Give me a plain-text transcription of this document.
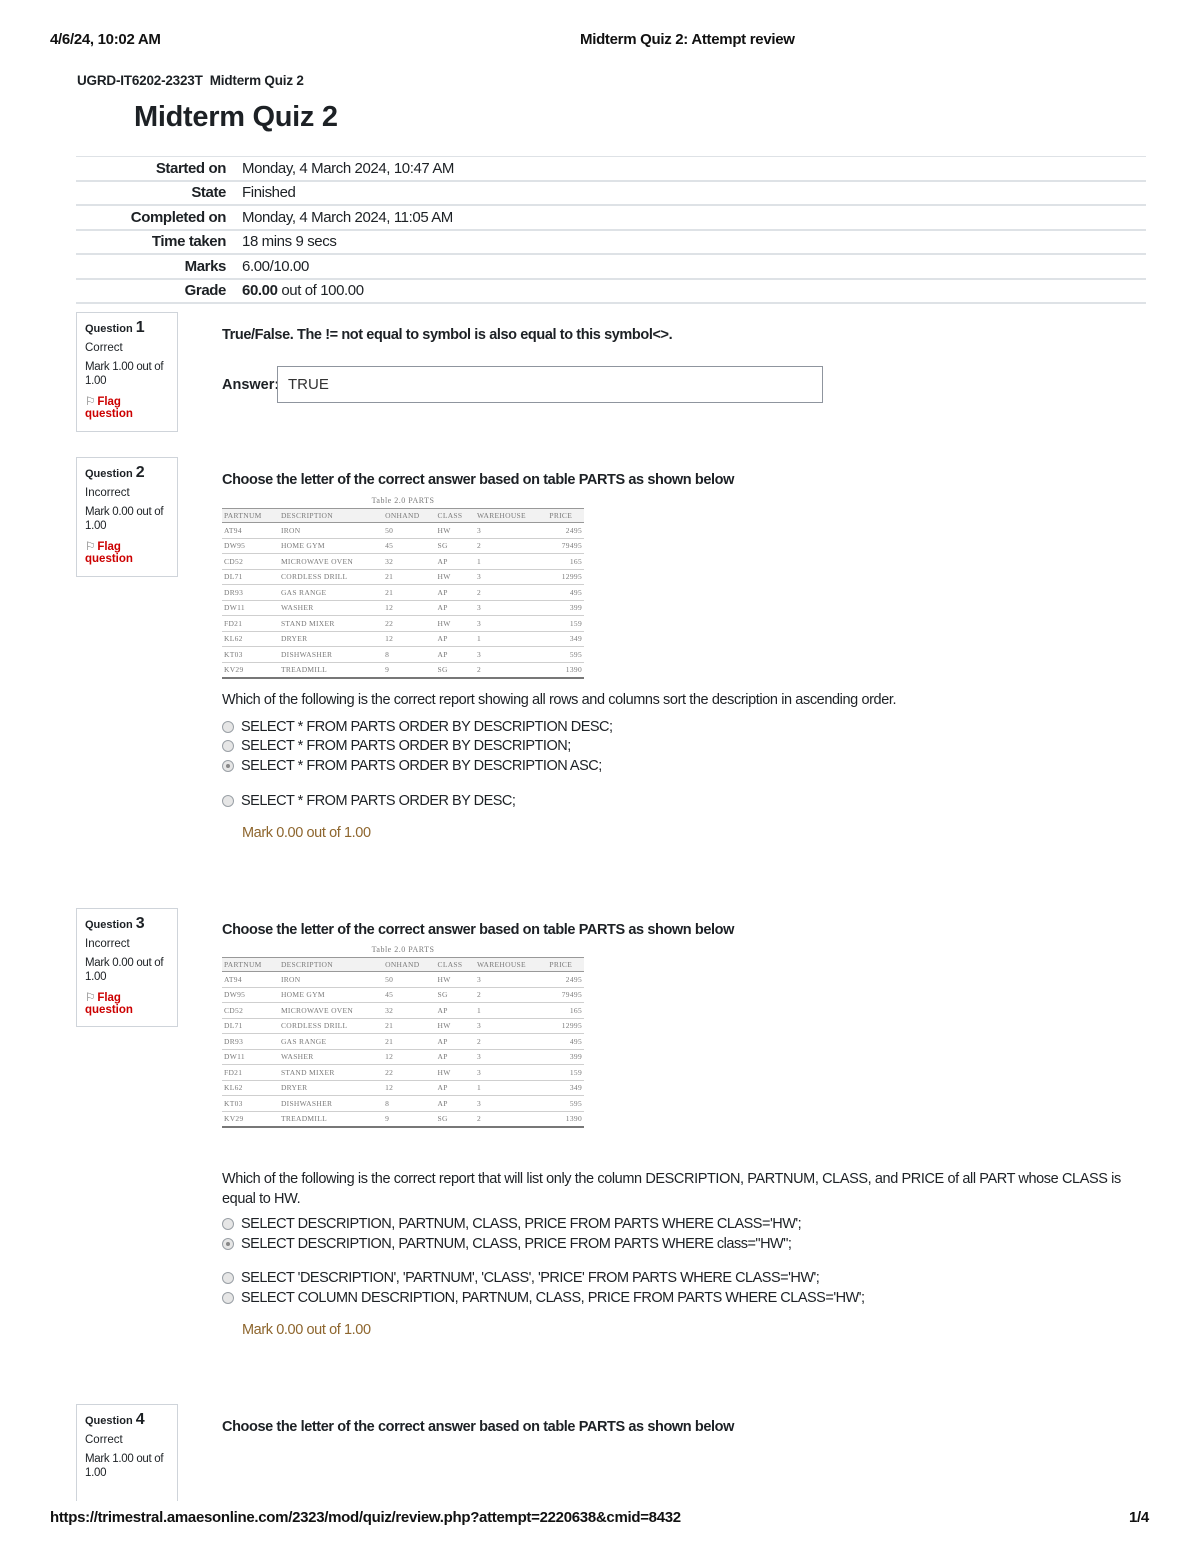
4/6/24, 10:02 AM	Midterm Quiz 2: Attempt review
UGRD-IT6202-2323T Midterm Quiz 2
Midterm Quiz 2
Started on	Monday, 4 March 2024, 10:47 AM
State	Finished
Completed on	Monday, 4 March 2024, 11:05 AM
Time taken	18 mins 9 secs
Marks	6.00/10.00
Grade	60.00 out of 100.00
Question 1
Correct
Mark 1.00 out of 1.00
⚐ Flag question
True/False. The != not equal to symbol is also equal to this symbol<>.
Answer: TRUE
Question 2
Incorrect
Mark 0.00 out of 1.00
⚐ Flag question
Choose the letter of the correct answer based on table PARTS as shown below
Table 2.0 PARTS
PARTNUM	DESCRIPTION	ONHAND	CLASS	WAREHOUSE	PRICE
AT94	IRON	50	HW	3	2495
DW95	HOME GYM	45	SG	2	79495
CD52	MICROWAVE OVEN	32	AP	1	165
DL71	CORDLESS DRILL	21	HW	3	12995
DR93	GAS RANGE	21	AP	2	495
DW11	WASHER	12	AP	3	399
FD21	STAND MIXER	22	HW	3	159
KL62	DRYER	12	AP	1	349
KT03	DISHWASHER	8	AP	3	595
KV29	TREADMILL	9	SG	2	1390
Which of the following is the correct report showing all rows and columns sort the description in ascending order.
SELECT * FROM PARTS ORDER BY DESCRIPTION DESC;
SELECT * FROM PARTS ORDER BY DESCRIPTION;
SELECT * FROM PARTS ORDER BY DESCRIPTION ASC;
SELECT * FROM PARTS ORDER BY DESC;
Mark 0.00 out of 1.00
Question 3
Incorrect
Mark 0.00 out of 1.00
⚐ Flag question
Choose the letter of the correct answer based on table PARTS as shown below
Table 2.0 PARTS
PARTNUM	DESCRIPTION	ONHAND	CLASS	WAREHOUSE	PRICE
AT94	IRON	50	HW	3	2495
DW95	HOME GYM	45	SG	2	79495
CD52	MICROWAVE OVEN	32	AP	1	165
DL71	CORDLESS DRILL	21	HW	3	12995
DR93	GAS RANGE	21	AP	2	495
DW11	WASHER	12	AP	3	399
FD21	STAND MIXER	22	HW	3	159
KL62	DRYER	12	AP	1	349
KT03	DISHWASHER	8	AP	3	595
KV29	TREADMILL	9	SG	2	1390
Which of the following is the correct report that will list only the column DESCRIPTION, PARTNUM, CLASS, and PRICE of all PART whose CLASS is equal to HW.
SELECT DESCRIPTION, PARTNUM, CLASS, PRICE FROM PARTS WHERE CLASS='HW';
SELECT DESCRIPTION, PARTNUM, CLASS, PRICE FROM PARTS WHERE class="HW";
SELECT 'DESCRIPTION', 'PARTNUM', 'CLASS', 'PRICE' FROM PARTS WHERE CLASS='HW';
SELECT COLUMN DESCRIPTION, PARTNUM, CLASS, PRICE FROM PARTS WHERE CLASS='HW';
Mark 0.00 out of 1.00
Question 4
Correct
Mark 1.00 out of 1.00
Choose the letter of the correct answer based on table PARTS as shown below
https://trimestral.amaesonline.com/2323/mod/quiz/review.php?attempt=2220638&cmid=8432	1/4
